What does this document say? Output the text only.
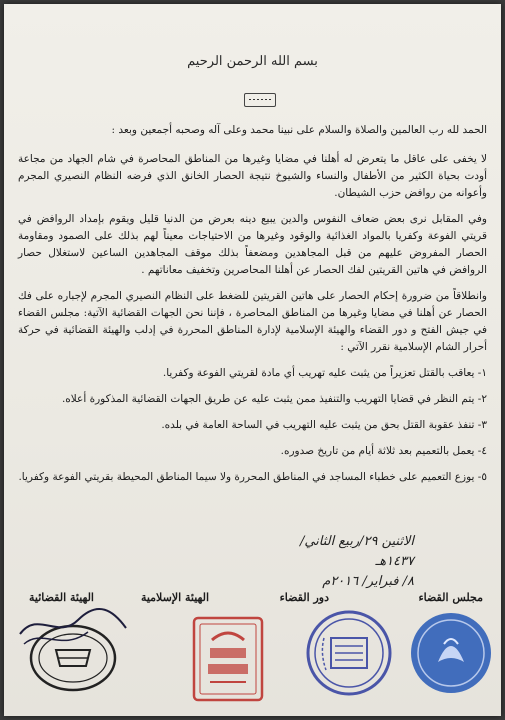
بسم الله الرحمن الرحيم

الحمد لله رب العالمين والصلاة والسلام على نبينا محمد وعلى آله وصحبه أجمعين وبعد :

لا يخفى على عاقل ما يتعرض له أهلنا في مضايا وغيرها من المناطق المحاصرة في شام الجهاد من مجاعة أودت بحياة الكثير من الأطفال والنساء والشيوخ نتيجة الحصار الخانق الذي فرضه النظام النصيري المجرم وأعوانه من روافض حزب الشيطان.

وفي المقابل نرى بعض ضعاف النفوس والدين يبيع دينه بعرض من الدنيا قليل ويقوم بإمداد الروافض في قريتي الفوعة وكفريا بالمواد الغذائية والوقود وغيرها من الاحتياجات معيناً لهم بذلك على الصمود ومقاومة الحصار المفروض عليهم من قبل المجاهدين ومضعفاً بذلك موقف المجاهدين الساعين لاستغلال حصار الروافض في هاتين القريتين لفك الحصار عن أهلنا المحاصرين وتخفيف معاناتهم .

وانطلاقاً من ضرورة إحكام الحصار على هاتين القريتين للضغط على النظام النصيري المجرم لإجباره على فك الحصار عن أهلنا في مضايا وغيرها من المناطق المحاصرة ، فإننا نحن الجهات القضائية الآتية: مجلس القضاء في جيش الفتح و دور القضاء والهيئة الإسلامية لإدارة المناطق المحررة في إدلب والهيئة القضائية في حركة أحرار الشام الإسلامية نقرر الآتي :

١- يعاقب بالقتل تعزيراً من يثبت عليه تهريب أي مادة لقريتي الفوعة وكفريا.
٢- يتم النظر في قضايا التهريب والتنفيذ ممن يثبت عليه عن طريق الجهات القضائية المذكورة أعلاه.
٣- تنفذ عقوبة القتل بحق من يثبت عليه التهريب في الساحة العامة في بلده.
٤- يعمل بالتعميم بعد ثلاثة أيام من تاريخ صدوره.
٥- يوزع التعميم على خطباء المساجد في المناطق المحررة ولا سيما المناطق المحيطة بقريتي الفوعة وكفريا.
الاثنين ٢٩/ربيع الثاني/١٤٣٧هـ
٨/ فبراير/ ٢٠١٦م
مجلس القضاء
دور القضاء
الهيئة الإسلامية
الهيئة القضائية
